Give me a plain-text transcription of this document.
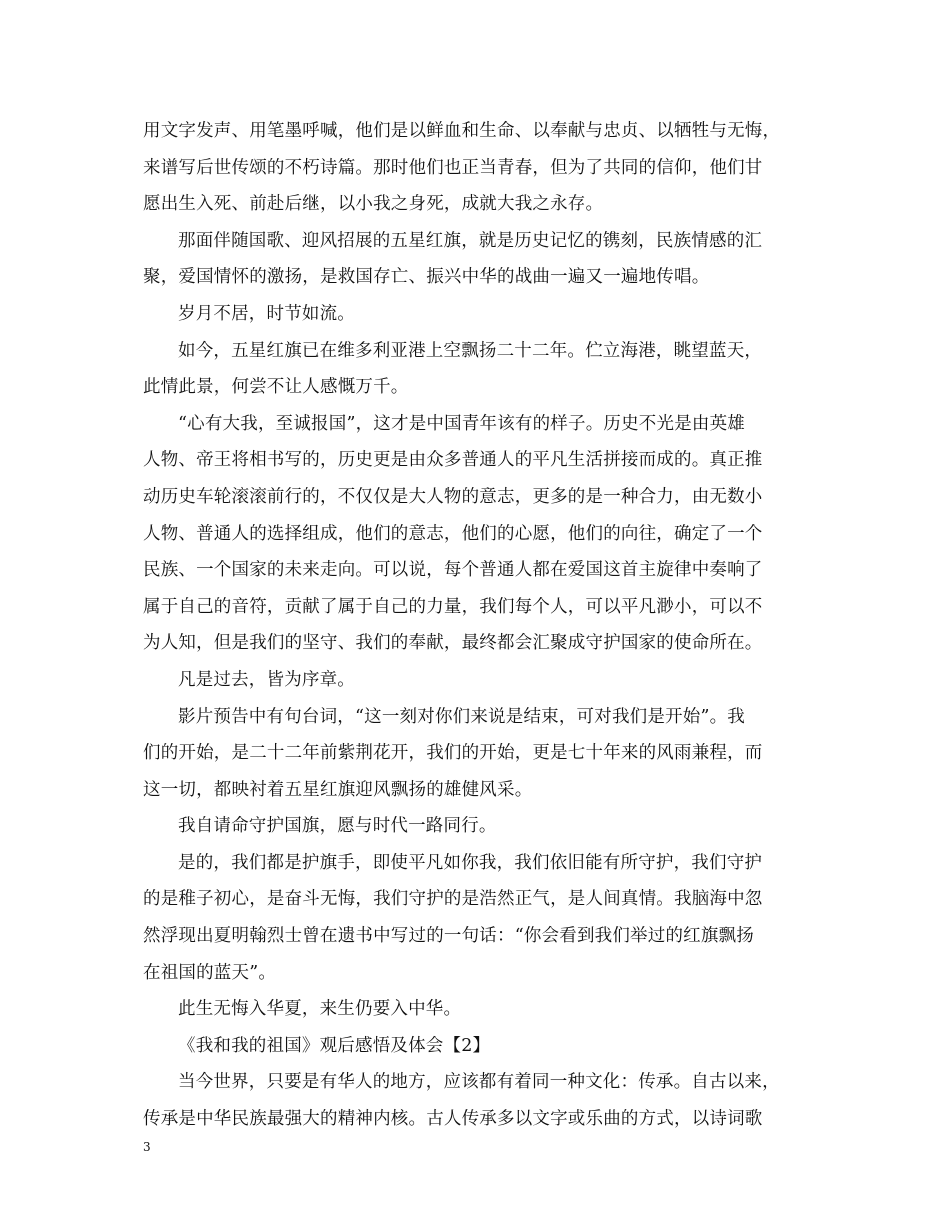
用文字发声、用笔墨呼喊，他们是以鲜血和生命、以奉献与忠贞、以牺牲与无悔，
来谱写后世传颂的不朽诗篇。那时他们也正当青春，但为了共同的信仰，他们甘
愿出生入死、前赴后继，以小我之身死，成就大我之永存。
那面伴随国歌、迎风招展的五星红旗，就是历史记忆的镌刻，民族情感的汇
聚，爱国情怀的激扬，是救国存亡、振兴中华的战曲一遍又一遍地传唱。
岁月不居，时节如流。
如今，五星红旗已在维多利亚港上空飘扬二十二年。伫立海港，眺望蓝天，
此情此景，何尝不让人感慨万千。
“心有大我，至诚报国”，这才是中国青年该有的样子。历史不光是由英雄
人物、帝王将相书写的，历史更是由众多普通人的平凡生活拼接而成的。真正推
动历史车轮滚滚前行的，不仅仅是大人物的意志，更多的是一种合力，由无数小
人物、普通人的选择组成，他们的意志，他们的心愿，他们的向往，确定了一个
民族、一个国家的未来走向。可以说，每个普通人都在爱国这首主旋律中奏响了
属于自己的音符，贡献了属于自己的力量，我们每个人，可以平凡渺小，可以不
为人知，但是我们的坚守、我们的奉献，最终都会汇聚成守护国家的使命所在。
凡是过去，皆为序章。
影片预告中有句台词，“这一刻对你们来说是结束，可对我们是开始”。我
们的开始，是二十二年前紫荆花开，我们的开始，更是七十年来的风雨兼程，而
这一切，都映衬着五星红旗迎风飘扬的雄健风采。
我自请命守护国旗，愿与时代一路同行。
是的，我们都是护旗手，即使平凡如你我，我们依旧能有所守护，我们守护
的是稚子初心，是奋斗无悔，我们守护的是浩然正气，是人间真情。我脑海中忽
然浮现出夏明翰烈士曾在遗书中写过的一句话：“你会看到我们举过的红旗飘扬
在祖国的蓝天”。
此生无悔入华夏，来生仍要入中华。
《我和我的祖国》观后感悟及体会【2】
当今世界，只要是有华人的地方，应该都有着同一种文化：传承。自古以来，
传承是中华民族最强大的精神内核。古人传承多以文字或乐曲的方式，以诗词歌
3
